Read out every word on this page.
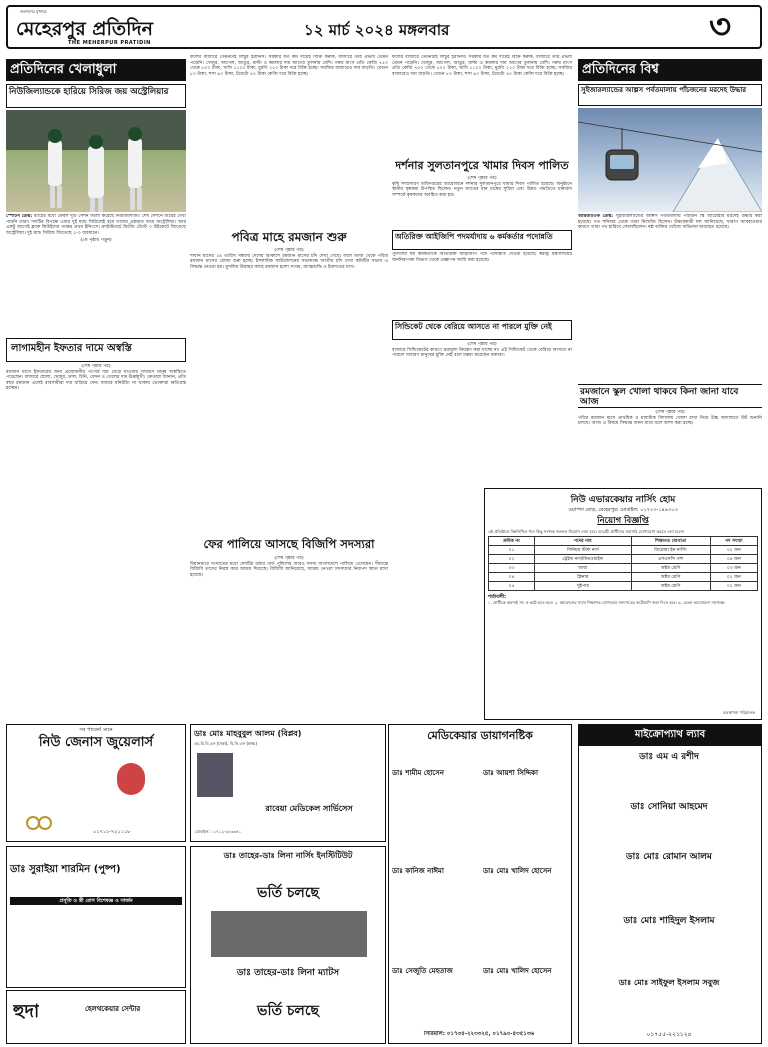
জনগণের মুখপত্র
মেহেরপুর প্রতিদিন
THE MEHERPUR PRATIDIN
১২ মার্চ ২০২৪ মঙ্গলবার	৩
প্রতিদিনের খেলাধুলা
নিউজিল্যান্ডকে হারিয়ে সিরিজ জয় অস্ট্রেলিয়ার
স্পোর্টস ডেস্ক: ম্যাচের মধ্যে কেবল দুটি সেশন ফলো করেছে নিউজিল্যান্ড। শেষ সেশনে জয়ের দেখা পায়নি তারা। দলটির বিপক্ষে এবার দুই ম্যাচ সিরিজেই হয়ে তাদের একমাত্র জয়ে অস্ট্রেলিয়া। আর একটু আগেই ব্ল্যাক কিউইদের পক্ষের প্রথম ইনিংসে। ক্রাইস্টচার্চে দ্বিতীয় টেস্টে ৩ উইকেটে জিতেছে অস্ট্রেলিয়া। দুই ম্যাচ সিরিজ জিতেছে ২-০ ব্যবধানে।
(৫ম পৃষ্ঠায় পড়ুন)
লাগামহীন ইফতার দামে অস্বস্তি
(শেষ পৃষ্ঠার পর)
রমজান মাসে ইফতারের জন্য প্রয়োজনীয় পণ্যের দাম বেড়ে যাওয়ায় সাধারণ মানুষ অস্বস্তিতে পড়েছেন। বাজারে ছোলা, খেজুর, ডাল, চিনি, বেসন ও তেলের দাম ঊর্ধ্বমুখী। ক্রেতারা জানান, প্রতি বছর রমজান এলেই ব্যবসায়ীরা দাম বাড়িয়ে দেন। বাজার মনিটরিং না থাকায় ভোক্তারা ক্ষতিগ্রস্ত হচ্ছেন।
ফলের বাজারে তেমনটাই লিচুর ইরানিস। সরকার যত কম দামেই বিক্রি করুক, বাজারে তার প্রভাব তেমন পড়েনি। খেজুর, আপেল, আঙুর, মাল্টা ও কমলার দাম আগের তুলনায় বেশি। গরুর মাংস প্রতি কেজি ৭৫০ থেকে ৮০০ টাকা, খাসি ১১০০ টাকা, মুরগি ২২০ টাকা দরে বিক্রি হচ্ছে। সবজির বাজারেও দাম বাড়তি। বেগুন ৮০ টাকা, শসা ৬০ টাকা, টমেটো ৪০ টাকা কেজি দরে বিক্রি হচ্ছে।
পবিত্র মাহে রমজান শুরু
(শেষ পৃষ্ঠার পর)
শাবান মাসের ২৯ তারিখ সন্ধ্যায় দেশের আকাশে রমজান মাসের চাঁদ দেখা গেছে। ফলে আজ থেকে পবিত্র রমজান মাসের রোজা শুরু হচ্ছে। ইসলামিক ফাউন্ডেশনের সভাকক্ষে জাতীয় চাঁদ দেখা কমিটির সভায় এ সিদ্ধান্ত নেওয়া হয়। মুসলিম উম্মাহর কাছে রমজান হলো সংযম, আত্মশুদ্ধি ও ইবাদতের মাস।
ফের পালিয়ে আসছে বিজিপি সদস্যরা
(শেষ পৃষ্ঠার পর)
মিয়ানমারে সংঘাতের মধ্যে দেশটির বর্ডার গার্ড পুলিশের আরও সদস্য বাংলাদেশে পালিয়ে এসেছেন। সীমান্তে বিজিবি তাদের নিরস্ত্র করে আশ্রয় দিয়েছে। বিজিবি জানিয়েছে, আশ্রয় নেওয়া সদস্যদের নিরাপদ স্থানে রাখা হয়েছে।
ফলের বাজারে তেমনটাই লিচুর ইরানিস। সরকার যত কম দামেই বিক্রি করুক, বাজারে তার প্রভাব তেমন পড়েনি। খেজুর, আপেল, আঙুর, মাল্টা ও কমলার দাম আগের তুলনায় বেশি। গরুর মাংস প্রতি কেজি ৭৫০ থেকে ৮০০ টাকা, খাসি ১১০০ টাকা, মুরগি ২২০ টাকা দরে বিক্রি হচ্ছে। সবজির বাজারেও দাম বাড়তি। বেগুন ৮০ টাকা, শসা ৬০ টাকা, টমেটো ৪০ টাকা কেজি দরে বিক্রি হচ্ছে।
দর্শনার সুলতানপুরে খামার দিবস পালিত
(শেষ পৃষ্ঠার পর)
কৃষি সম্প্রসারণ অধিদপ্তরের আয়োজনে দর্শনার সুলতানপুরে খামার দিবস পালিত হয়েছে। অনুষ্ঠানে স্থানীয় কৃষকরা উপস্থিত ছিলেন। নতুন জাতের ধান চাষের সুবিধা এবং উন্নত পদ্ধতিতে চাষাবাদ সম্পর্কে কৃষকদের অবহিত করা হয়।
অতিরিক্ত আইজিপি পদমর্যাদায় ৬ কর্মকর্তার পদোন্নতি
পুলিশের ছয় কর্মকর্তাকে অতিরিক্ত আইজিপি পদে পদোন্নতি দেওয়া হয়েছে। স্বরাষ্ট্র মন্ত্রণালয়ের জননিরাপত্তা বিভাগ থেকে প্রজ্ঞাপন জারি করা হয়েছে।
সিন্ডিকেট থেকে বেরিয়ে আসতে না পারলে মুক্তি নেই
(শেষ পৃষ্ঠার পর)
বাজারে সিন্ডিকেটের কারণে দ্রব্যমূল্য নিয়ন্ত্রণ করা যাচ্ছে না। এই সিন্ডিকেট থেকে বেরিয়ে আসতে না পারলে সাধারণ মানুষের মুক্তি নেই বলে মন্তব্য করেছেন বক্তারা।
প্রতিদিনের বিশ্ব
সুইজারল্যান্ডের আল্পস পর্বতমালায় পাঁচজনের মরদেহ উদ্ধার
আন্তর্জাতিক ডেস্ক: সুইজারল্যান্ডের আল্পস পর্বতমালায় পাঁচজন স্কি আরোহীর মরদেহ উদ্ধার করা হয়েছে। গত শনিবার থেকে তারা নিখোঁজ ছিলেন। উদ্ধারকারী দল জানিয়েছে, খারাপ আবহাওয়ার কারণে তারা পথ হারিয়ে ফেলেছিলেন। ষষ্ঠ ব্যক্তির খোঁজে অভিযান অব্যাহত রয়েছে।
রমজানে স্কুল খোলা থাকবে কিনা জানা যাবে আজ
(শেষ পৃষ্ঠার পর)
পবিত্র রমজান মাসে প্রাথমিক ও মাধ্যমিক বিদ্যালয় খোলা রাখা নিয়ে উচ্চ আদালতে রিট শুনানি চলছে। আজ এ বিষয়ে সিদ্ধান্ত জানা যাবে বলে আশা করা হচ্ছে।
নিউ এভারকেয়ার নার্সিং হোম
ওয়াপদা মোড়, মেহেরপুর। মোবাইল: ০১৭২৩-১৪৯৩০৩
নিয়োগ বিজ্ঞপ্তি
এই প্রতিষ্ঠানে নিম্নলিখিত পদে কিছু সংখ্যক জনবল নিয়োগ দেয়া হবে। আগ্রহী প্রার্থীদের সরাসরি যোগাযোগ করতে বলা হলো।
ক্রমিক নং	পদের নাম	শিক্ষাগত যোগ্যতা	পদ সংখ্যা
০১	সিনিয়র স্টাফ নার্স	ডিপ্লোমা ইন নার্সিং	০২ জন
০২	ট্রেইন্ড নার্স/মিডওয়াইফ	এসএসসি পাশ	০৪ জন
০৩	আয়া	অষ্টম শ্রেণি	০৩ জন
০৪	ক্লিনার	অষ্টম শ্রেণি	০২ জন
০৫	সুইপার	অষ্টম শ্রেণি	০২ জন
শর্তাবলী:
১. প্রার্থীকে অবশ্যই সৎ ও কর্মঠ হতে হবে। ২. আবেদনের সাথে শিক্ষাগত যোগ্যতার সনদপত্রের ফটোকপি জমা দিতে হবে। ৩. বেতন আলোচনা সাপেক্ষে।
ব্যবস্থাপনা পরিচালক
সব পাবেন! মানে
নিউ জেনাস জুয়েলার্স
০১৭১২-৭২১১১৮
ডাঃ মোঃ মাহবুবুল আলম (বিপ্লব)
এম.বি.বি.এস (ঢাকা), বি.সি.এস (স্বাস্থ্য)
রাবেয়া মেডিকেল সার্ভিসেস
মোবাইল: ০১৭১২-২৮৩৩৪১
মেডিকেয়ার ডায়াগনষ্টিক
ডাঃ শামীম হোসেন	ডাঃ আয়শা সিদ্দিকা
ডাঃ কানিজ নাঈমা	ডাঃ মোঃ খালিদ হোসেন
ডাঃ সেজুতি মেহতাজ	ডাঃ মোঃ খালিদ হোসেন
সিরিয়াল: ০১৭৩৫-২২৩৩২৫, ০১৭৯০-৫৩৫১৩৬
মাইক্রোপ্যাথ ল্যাব
ডাঃ এম এ রশীদ
ডাঃ সোনিয়া আহমেদ
ডাঃ মোঃ রোমান আলম
ডাঃ মোঃ শাহিদুল ইসলাম
ডাঃ মোঃ সাইফুল ইসলাম সবুজ
০১৭৫৫-২২১১২৪
ডাঃ সুরাইয়া শারমিন (পুষ্প)
প্রসূতি ও স্ত্রী রোগ বিশেষজ্ঞ ও সার্জন
হুদা	হেলথকেয়ার সেন্টার
ডাঃ তাহের-ডাঃ লিনা নার্সিং ইনস্টিটিউট
ভর্তি চলছে
ডাঃ তাহের-ডাঃ লিনা ম্যাটস
ভর্তি চলছে
